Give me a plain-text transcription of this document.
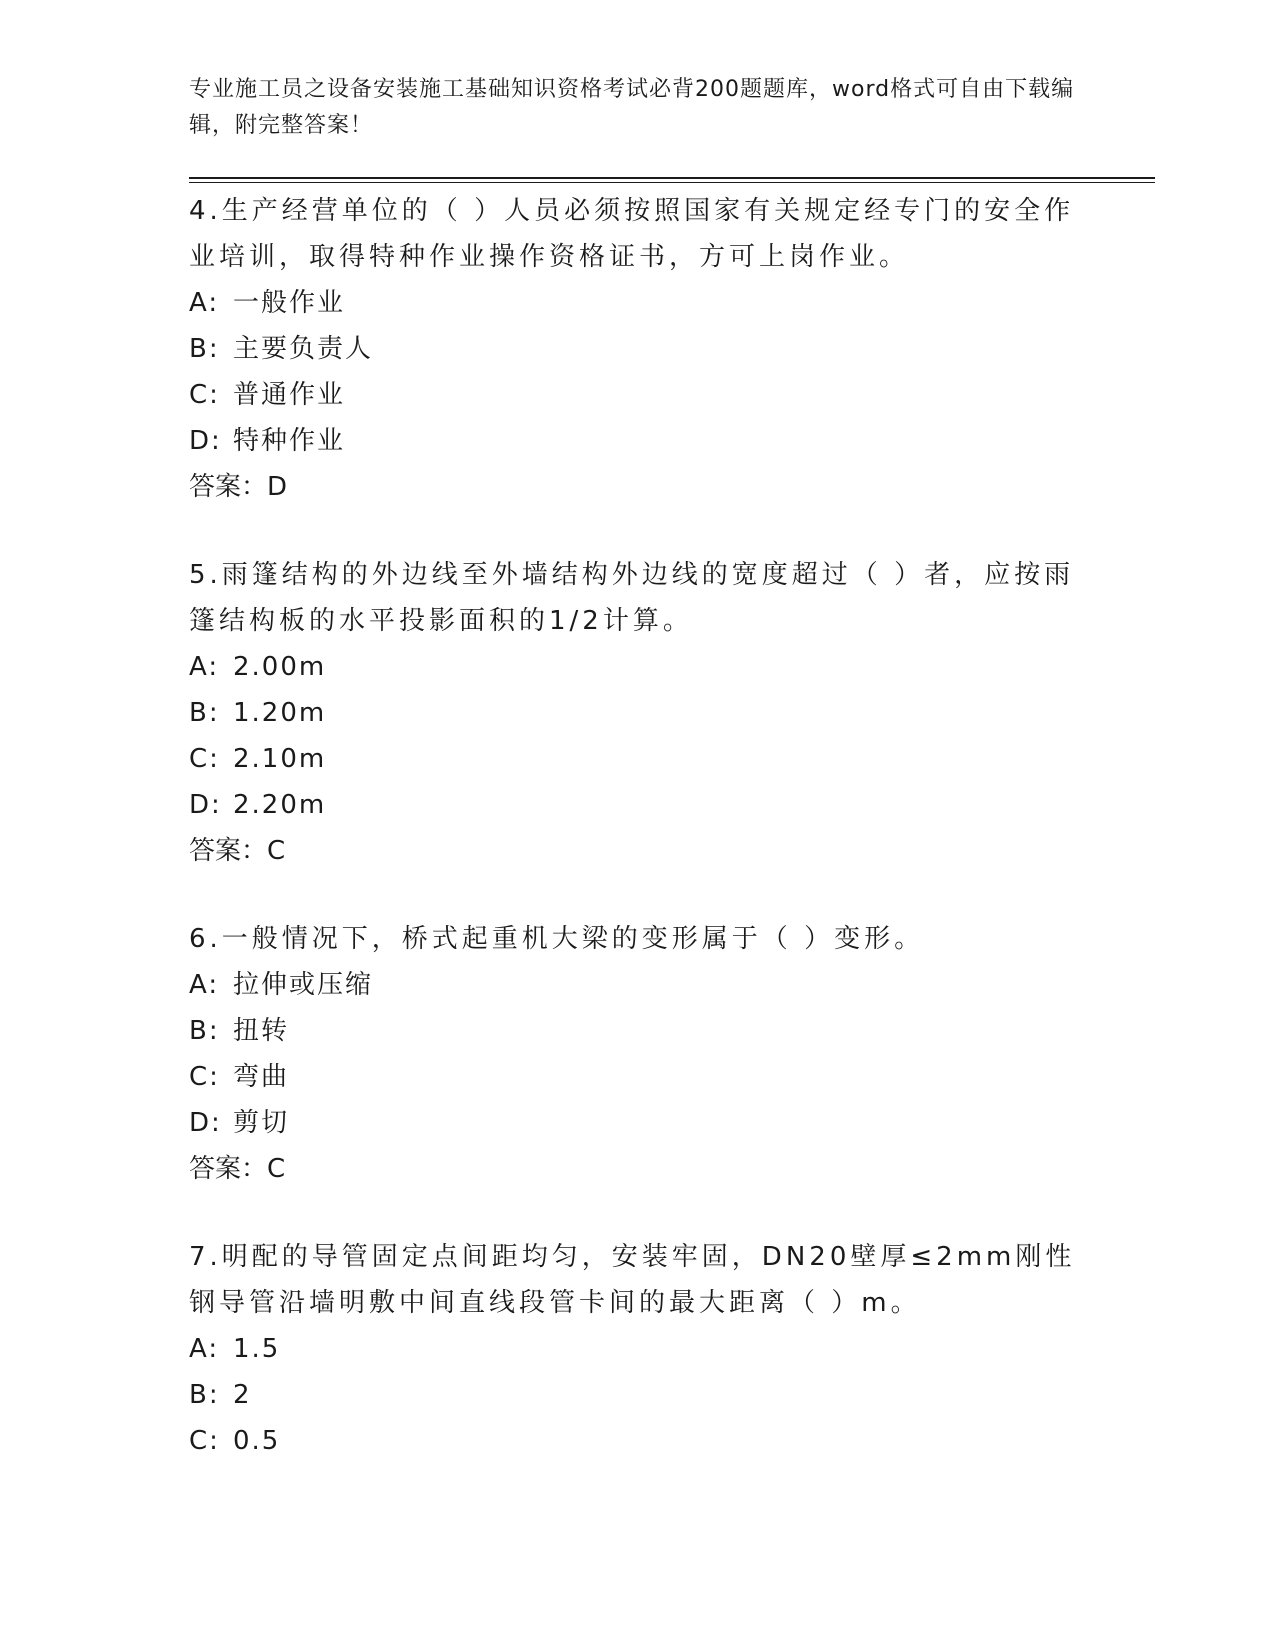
专业施工员之设备安装施工基础知识资格考试必背200题题库，word格式可自由下载编辑，附完整答案！

4.生产经营单位的（ ）人员必须按照国家有关规定经专门的安全作业培训，取得特种作业操作资格证书，方可上岗作业。

A: 一般作业

B: 主要负责人

C: 普通作业

D: 特种作业

答案：D

5.雨篷结构的外边线至外墙结构外边线的宽度超过（ ）者，应按雨篷结构板的水平投影面积的1/2计算。

A: 2.00m

B: 1.20m

C: 2.10m

D: 2.20m

答案：C

6.一般情况下，桥式起重机大梁的变形属于（ ）变形。

A: 拉伸或压缩

B: 扭转

C: 弯曲

D: 剪切

答案：C

7.明配的导管固定点间距均匀，安装牢固，DN20壁厚≤2mm刚性钢导管沿墙明敷中间直线段管卡间的最大距离（ ）m。

A: 1.5

B: 2

C: 0.5
